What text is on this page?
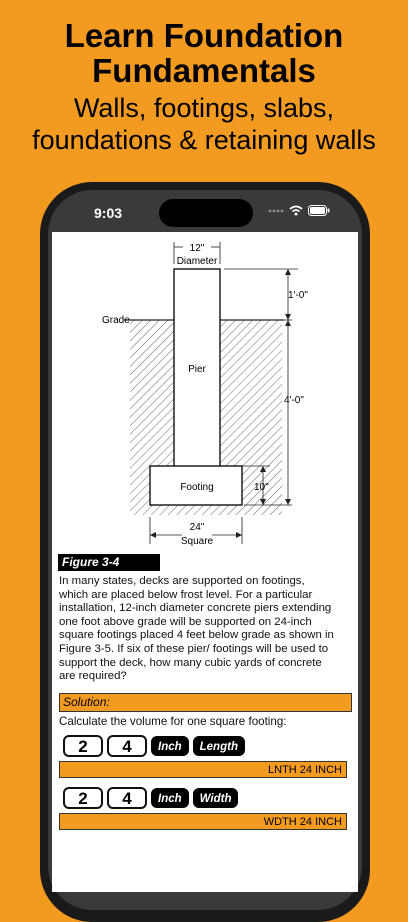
Learn Foundation
Fundamentals
Walls, footings, slabs,
foundations & retaining walls
9:03
12"
Diameter
Grade
Pier
Footing
1'-0"
4'-0"
10"
24"
Square
Figure 3-4
In many states, decks are supported on footings,
which are placed below frost level. For a particular
installation, 12-inch diameter concrete piers extending
one foot above grade will be supported on 24-inch
square footings placed 4 feet below grade as shown in
Figure 3-5. If six of these pier/ footings will be used to
support the deck, how many cubic yards of concrete
are required?
Solution:
Calculate the volume for one square footing:
2	4	Inch	Length
LNTH 24 INCH
2	4	Inch	Width
WDTH 24 INCH
